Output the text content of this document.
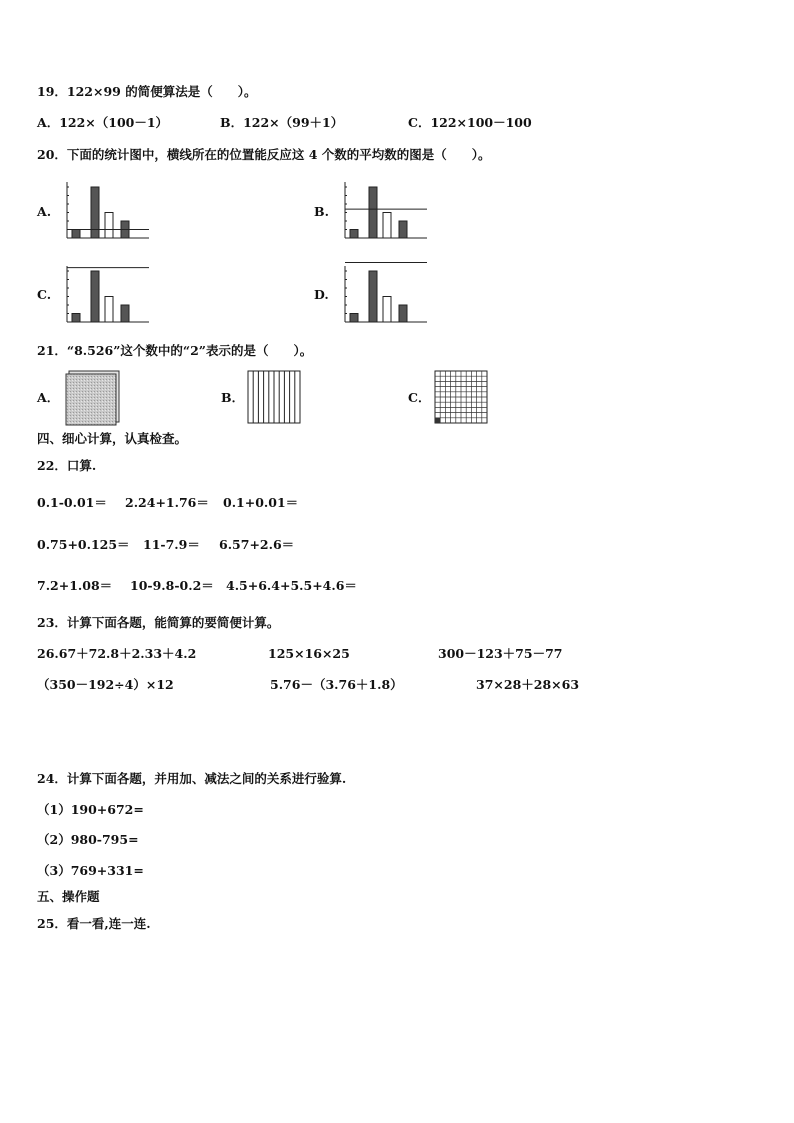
19．122×99 的简便算法是（　　）。
A．122×（100－1）	B．122×（99＋1）	C．122×100－100
20．下面的统计图中，横线所在的位置能反应这 4 个数的平均数的图是（　　）。
A.	B.
C.	D.
21．“8.526”这个数中的“2”表示的是（　　）。
A．	B．	C．
四、细心计算，认真检查。
22．口算.
0.1-0.01＝ 2.24+1.76＝ 0.1+0.01＝
0.75+0.125＝ 11-7.9＝ 6.57+2.6＝
7.2+1.08＝ 10-9.8-0.2＝ 4.5+6.4+5.5+4.6＝
23．计算下面各题，能简算的要简便计算。
26.67＋72.8＋2.33＋4.2	125×16×25	300－123＋75－77
（350－192÷4）×12	5.76－（3.76＋1.8）	37×28＋28×63
24．计算下面各题，并用加、减法之间的关系进行验算.
（1）190+672=
（2）980-795=
（3）769+331=
五、操作题
25．看一看,连一连.
